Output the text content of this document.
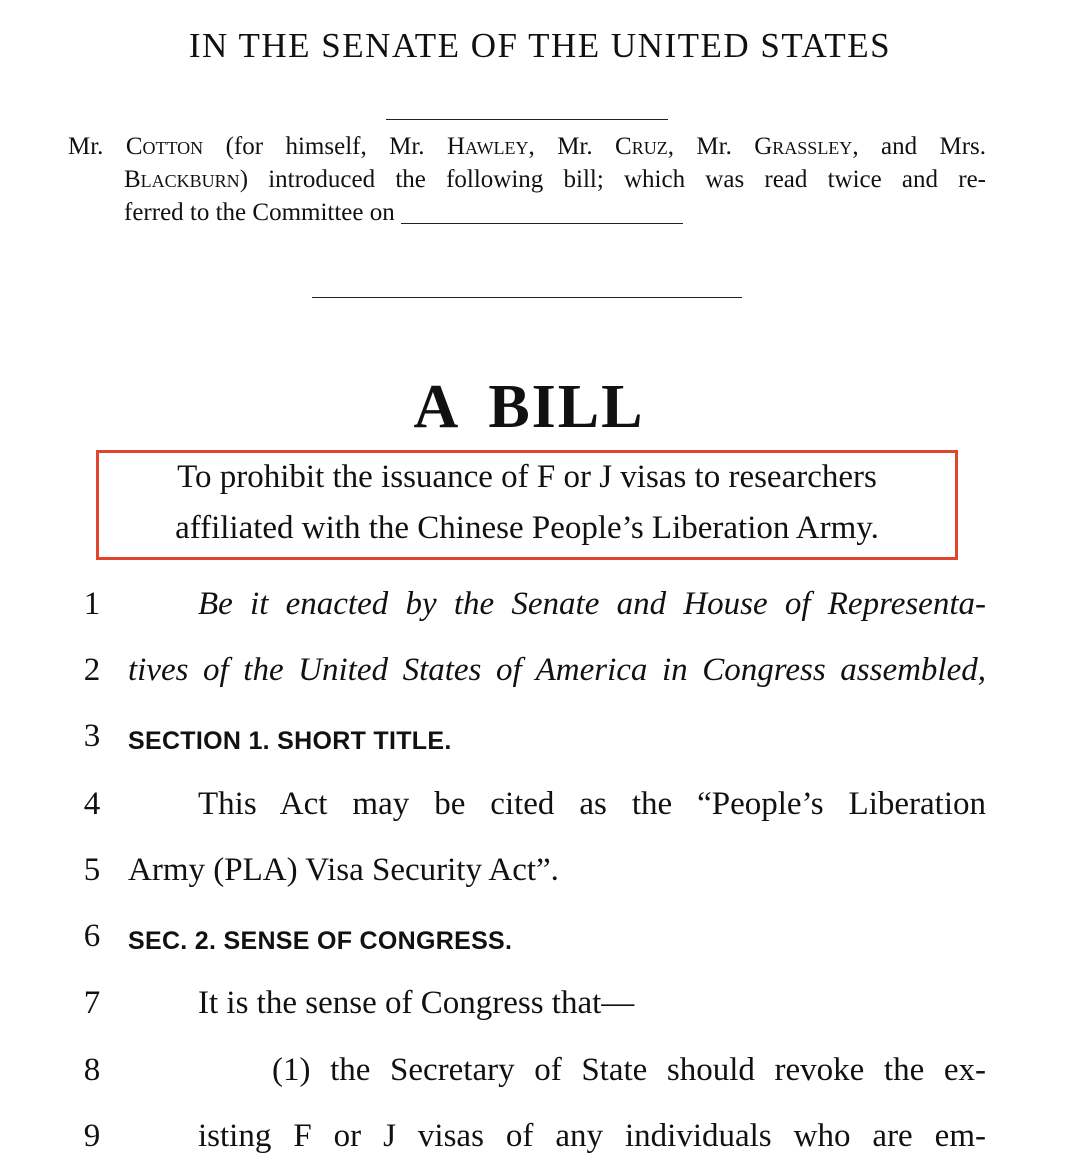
IN THE SENATE OF THE UNITED STATES
Mr. Cotton (for himself, Mr. Hawley, Mr. Cruz, Mr. Grassley, and Mrs.
Blackburn) introduced the following bill; which was read twice and re-
ferred to the Committee on
A BILL
To prohibit the issuance of F or J visas to researchers
affiliated with the Chinese People’s Liberation Army.
1	Be it enacted by the Senate and House of Representa-
2 tives of the United States of America in Congress assembled,
3	SECTION 1. SHORT TITLE.
4	This Act may be cited as the “People’s Liberation
5 Army (PLA) Visa Security Act”.
6	SEC. 2. SENSE OF CONGRESS.
7	It is the sense of Congress that—
8	(1) the Secretary of State should revoke the ex-
9	isting F or J visas of any individuals who are em-
